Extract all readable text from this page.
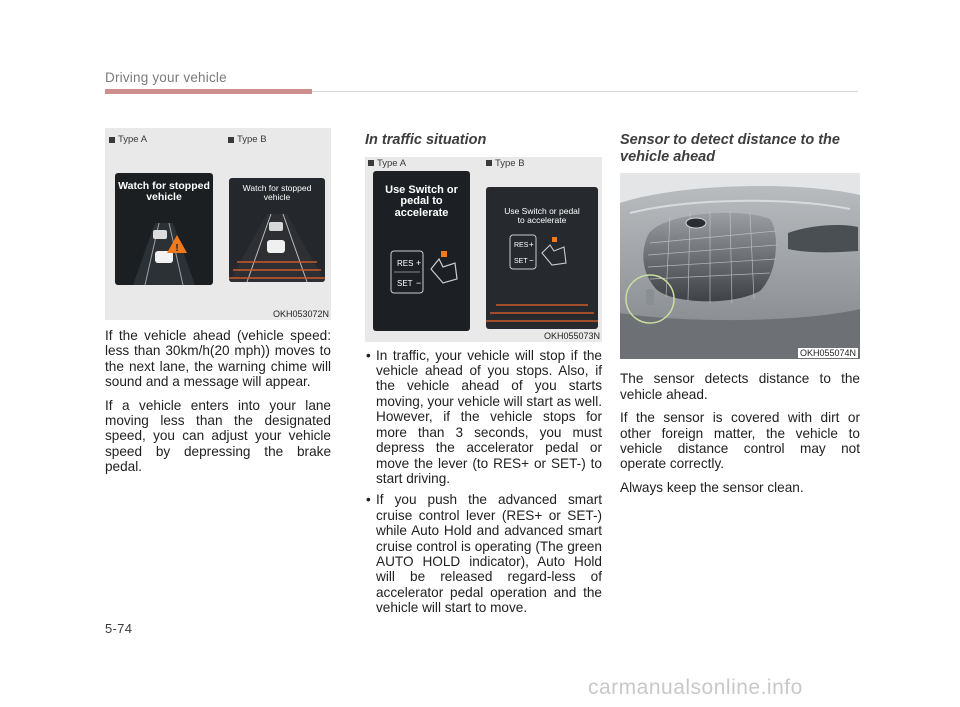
Driving your vehicle
Type A	Type B
Watch for stopped vehicle
!
Watch for stopped vehicle
OKH053072N

If the vehicle ahead (vehicle speed: less than 30km/h(20 mph)) moves to the next lane, the warning chime will sound and a message will appear.

If a vehicle enters into your lane moving less than the designated speed, you can adjust your vehicle speed by depressing the brake pedal.

In traffic situation
Type A	Type B
Use Switch or pedal to accelerate
RES +
SET −
Use Switch or pedal to accelerate
RES +
SET −
OKH055073N
• In traffic, your vehicle will stop if the vehicle ahead of you stops. Also, if the vehicle ahead of you starts moving, your vehicle will start as well. However, if the vehicle stops for more than 3 seconds, you must depress the accelerator pedal or move the lever (to RES+ or SET-) to start driving.
• If you push the advanced smart cruise control lever (RES+ or SET-) while Auto Hold and advanced smart cruise control is operating (The green AUTO HOLD indicator), Auto Hold will be released regard-less of accelerator pedal operation and the vehicle will start to move.
Sensor to detect distance to the vehicle ahead
OKH055074N

The sensor detects distance to the vehicle ahead.

If the sensor is covered with dirt or other foreign matter, the vehicle to vehicle distance control may not operate correctly.

Always keep the sensor clean.

5-74
carmanualsonline.info
